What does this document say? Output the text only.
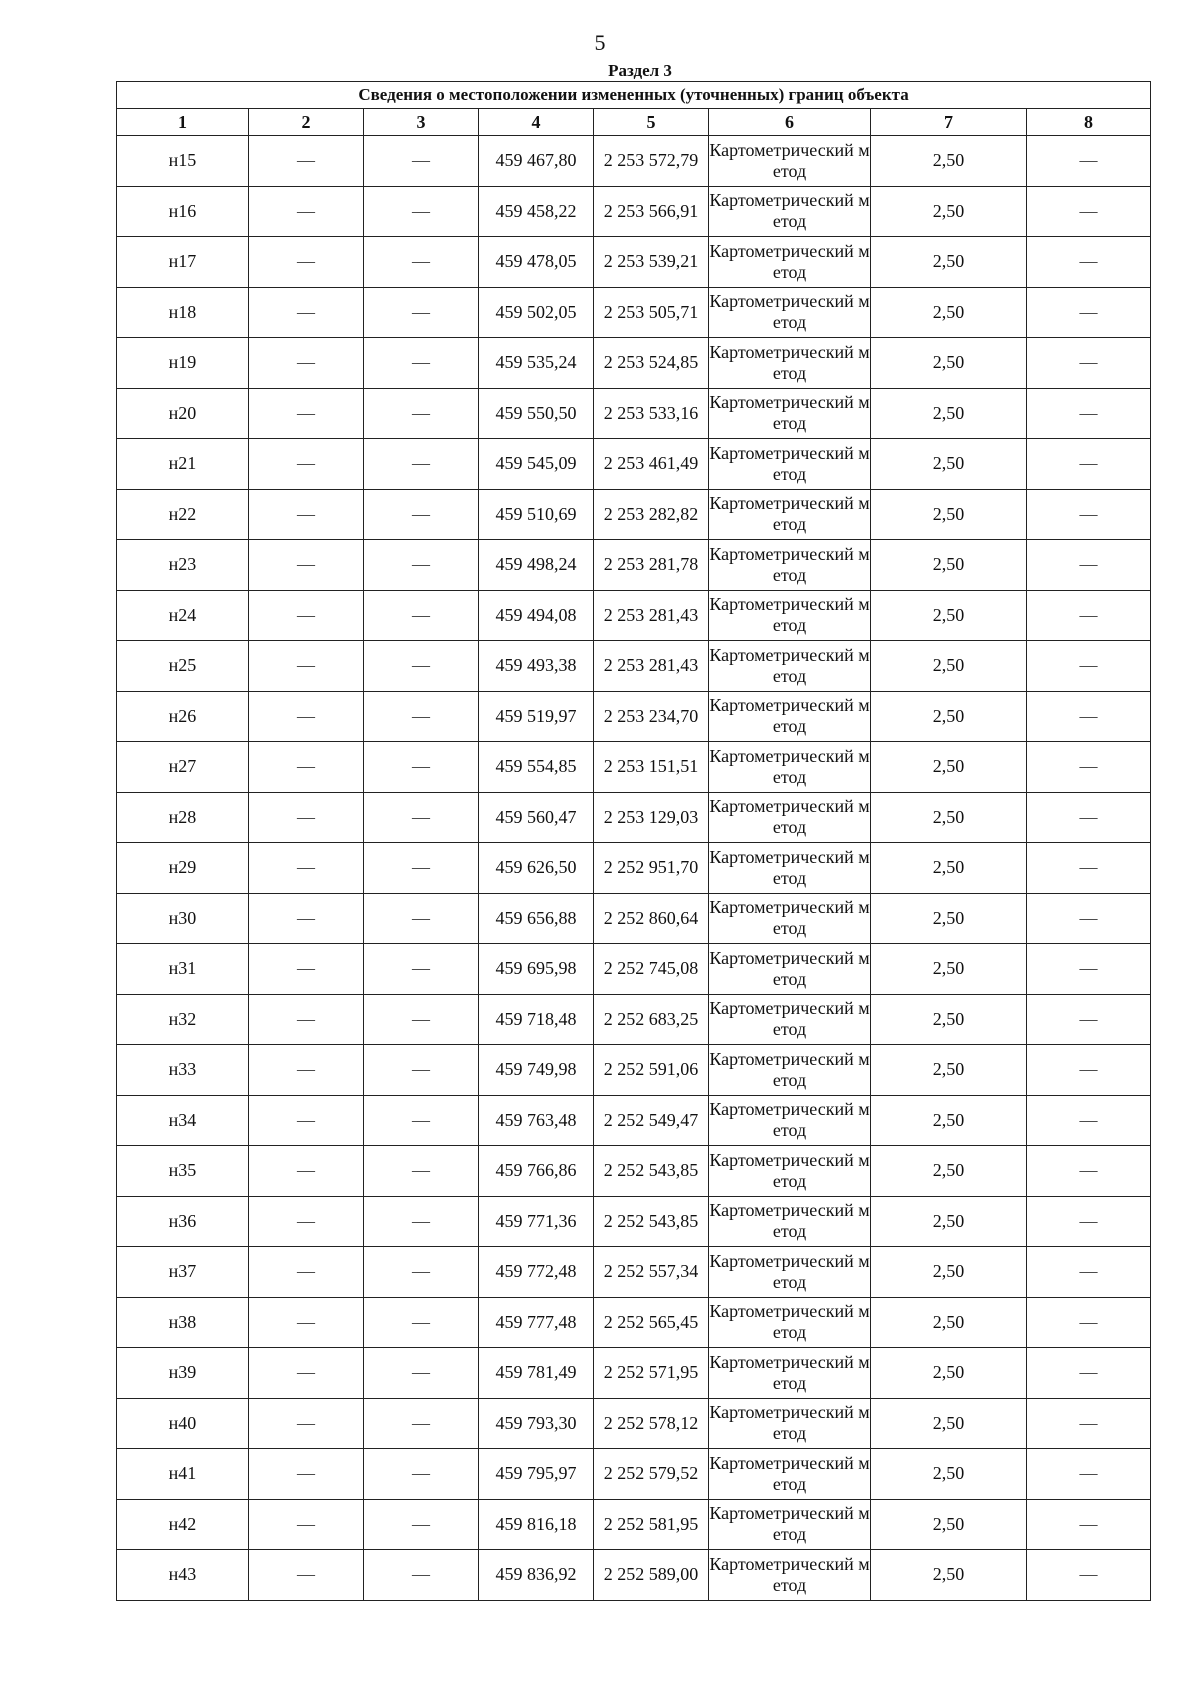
5
Раздел 3
Сведения о местоположении измененных (уточненных) границ объекта							
1	2	3	4	5	6	7	8
н15	—	—	459 467,80	2 253 572,79	Картометрический метод	2,50	—
н16	—	—	459 458,22	2 253 566,91	Картометрический метод	2,50	—
н17	—	—	459 478,05	2 253 539,21	Картометрический метод	2,50	—
н18	—	—	459 502,05	2 253 505,71	Картометрический метод	2,50	—
н19	—	—	459 535,24	2 253 524,85	Картометрический метод	2,50	—
н20	—	—	459 550,50	2 253 533,16	Картометрический метод	2,50	—
н21	—	—	459 545,09	2 253 461,49	Картометрический метод	2,50	—
н22	—	—	459 510,69	2 253 282,82	Картометрический метод	2,50	—
н23	—	—	459 498,24	2 253 281,78	Картометрический метод	2,50	—
н24	—	—	459 494,08	2 253 281,43	Картометрический метод	2,50	—
н25	—	—	459 493,38	2 253 281,43	Картометрический метод	2,50	—
н26	—	—	459 519,97	2 253 234,70	Картометрический метод	2,50	—
н27	—	—	459 554,85	2 253 151,51	Картометрический метод	2,50	—
н28	—	—	459 560,47	2 253 129,03	Картометрический метод	2,50	—
н29	—	—	459 626,50	2 252 951,70	Картометрический метод	2,50	—
н30	—	—	459 656,88	2 252 860,64	Картометрический метод	2,50	—
н31	—	—	459 695,98	2 252 745,08	Картометрический метод	2,50	—
н32	—	—	459 718,48	2 252 683,25	Картометрический метод	2,50	—
н33	—	—	459 749,98	2 252 591,06	Картометрический метод	2,50	—
н34	—	—	459 763,48	2 252 549,47	Картометрический метод	2,50	—
н35	—	—	459 766,86	2 252 543,85	Картометрический метод	2,50	—
н36	—	—	459 771,36	2 252 543,85	Картометрический метод	2,50	—
н37	—	—	459 772,48	2 252 557,34	Картометрический метод	2,50	—
н38	—	—	459 777,48	2 252 565,45	Картометрический метод	2,50	—
н39	—	—	459 781,49	2 252 571,95	Картометрический метод	2,50	—
н40	—	—	459 793,30	2 252 578,12	Картометрический метод	2,50	—
н41	—	—	459 795,97	2 252 579,52	Картометрический метод	2,50	—
н42	—	—	459 816,18	2 252 581,95	Картометрический метод	2,50	—
н43	—	—	459 836,92	2 252 589,00	Картометрический метод	2,50	—
